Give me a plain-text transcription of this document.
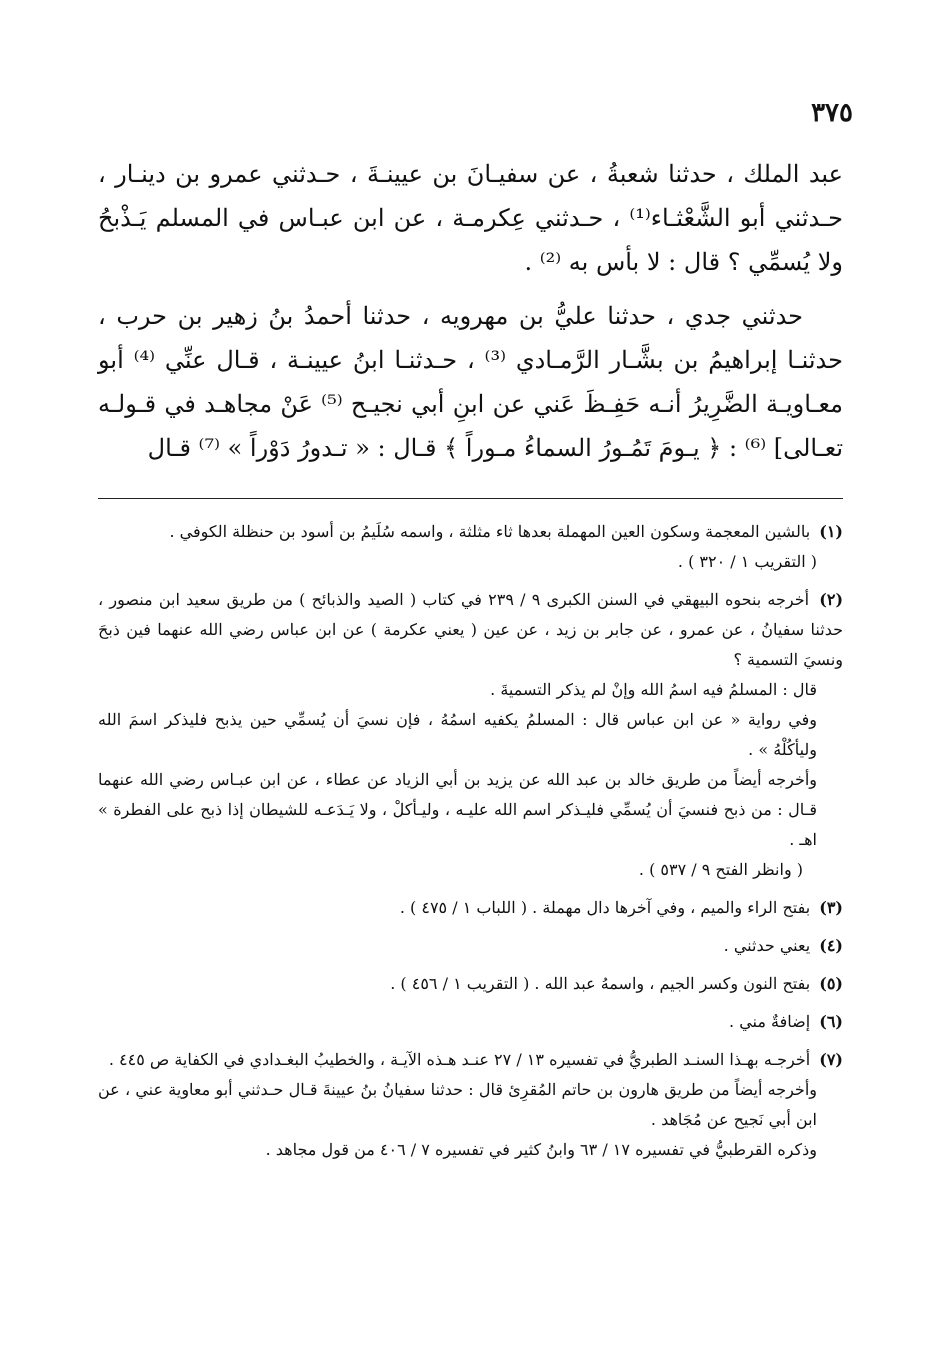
٣٧٥

عبد الملك ، حدثنا شعبةُ ، عن سفيـانَ بن عيينـةَ ، حـدثني عمرو بن دينـار ، حـدثني أبو الشَّعْثـاء⁽¹⁾ ، حـدثني عِكرمـة ، عن ابن عبـاس في المسلم يَـذْبحُ ولا يُسمِّي ؟ قال : لا بأس به ⁽²⁾ .

حدثني جدي ، حدثنا عليُّ بن مهرويه ، حدثنا أحمدُ بنُ زهير بن حرب ، حدثنـا إبراهيمُ بن بشَّـار الرَّمـادي ⁽³⁾ ، حـدثنـا ابنُ عيينـة ، قـال عنِّي ⁽⁴⁾ أبو معـاويـة الضَّرِيرُ أنـه حَفِـظَ عَني عن ابنِ أبي نجيـح ⁽⁵⁾ عَنْ مجاهـد في قـولـه تعـالى] ⁽⁶⁾ : ﴿ يـومَ تَمُـورُ السماءُ مـوراً ﴾ قـال : « تـدورُ دَوْراً » ⁽⁷⁾ قـال

(١) بالشين المعجمة وسكون العين المهملة بعدها ثاء مثلثة ، واسمه سُلَيمُ بن أسود بن حنظلة الكوفي .

( التقريب ١ / ٣٢٠ ) .

(٢) أخرجه بنحوه البيهقي في السنن الكبرى ٩ / ٢٣٩ في كتاب ( الصيد والذبائح ) من طريق سعيد ابن منصور ، حدثنا سفيانُ ، عن عمرو ، عن جابر بن زيد ، عن عين ( يعني عكرمة ) عن ابن عباس رضي الله عنهما فين ذبحَ ونسيَ التسمية ؟

قال : المسلمُ فيه اسمُ الله وإنْ لم يذكر التسميةَ .

وفي رواية « عن ابن عباس قال : المسلمُ يكفيه اسمُهُ ، فإن نسيَ أن يُسمِّي حين يذبح فليذكر اسمَ الله وليأكُلْهُ » .

وأخرجه أيضاً من طريق خالد بن عبد الله عن يزيد بن أبي الزياد عن عطاء ، عن ابن عبـاس رضي الله عنهما قـال : من ذبح فنسيَ أن يُسمِّي فليـذكر اسم الله عليـه ، وليـأكلْ ، ولا يَـدَعـه للشيطان إذا ذبح على الفطرة » اهـ .

( وانظر الفتح ٩ / ٥٣٧ ) .

(٣) بفتح الراء والميم ، وفي آخرها دال مهملة . ( اللباب ١ / ٤٧٥ ) .

(٤) يعني حدثني .

(٥) بفتح النون وكسر الجيم ، واسمهُ عبد الله . ( التقريب ١ / ٤٥٦ ) .

(٦) إضافةٌ مني .

(٧) أخرجـه بهـذا السنـد الطبريُّ في تفسيره ١٣ / ٢٧ عنـد هـذه الآيـة ، والخطيبُ البغـدادي في الكفاية ص ٤٤٥ .

وأخرجه أيضاً من طريق هارون بن حاتم المُقرِئ قال : حدثنا سفيانُ بنُ عيينةَ قـال حـدثني أبو معاوية عني ، عن ابن أبي نَجيح عن مُجَاهد .

وذكره القرطبيُّ في تفسيره ١٧ / ٦٣ وابنُ كثير في تفسيره ٧ / ٤٠٦ من قول مجاهد .
